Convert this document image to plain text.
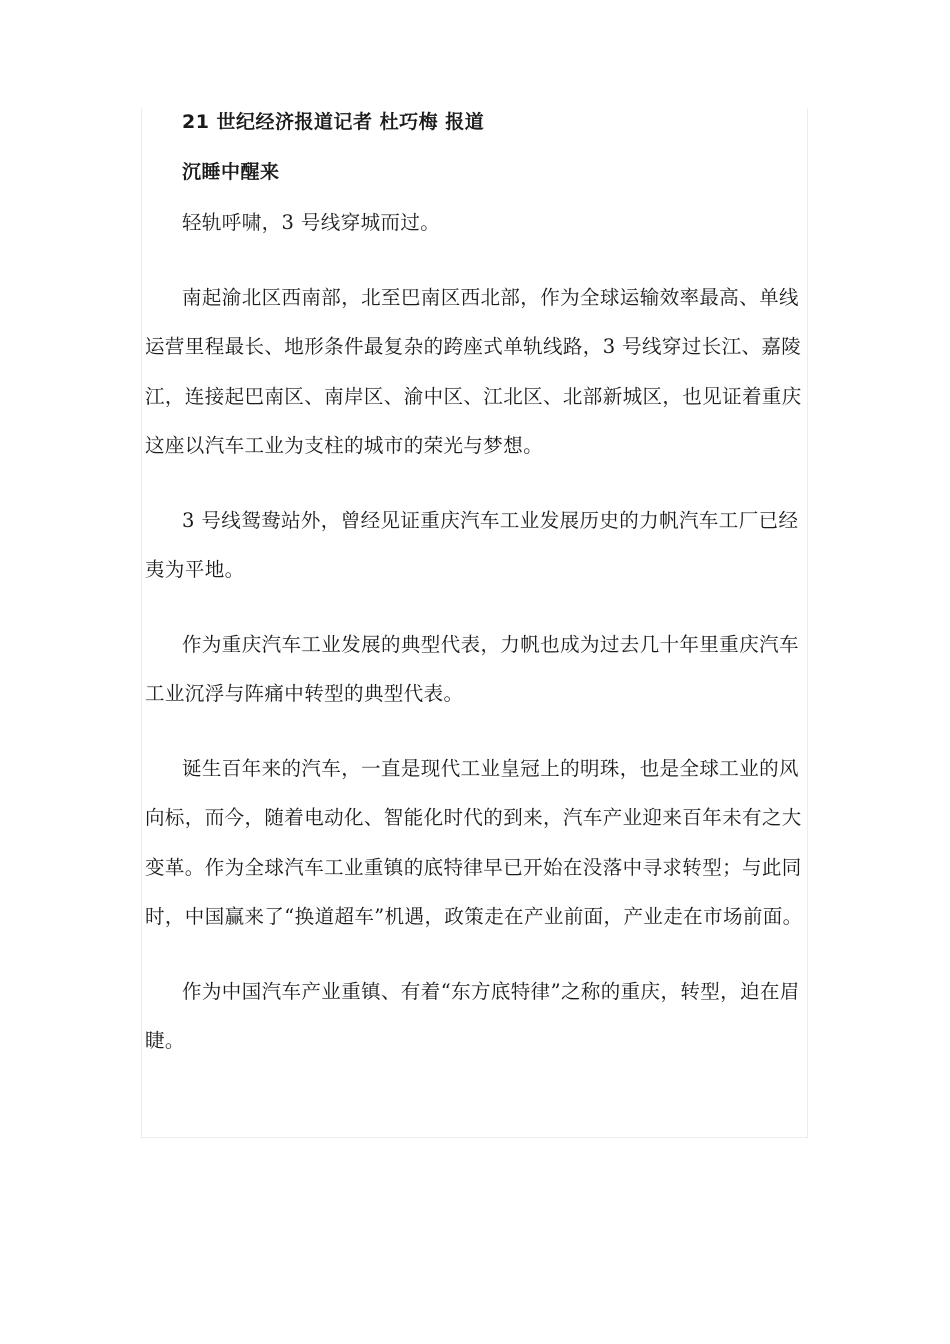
21 世纪经济报道记者 杜巧梅 报道

沉睡中醒来

轻轨呼啸，3 号线穿城而过。

南起渝北区西南部，北至巴南区西北部，作为全球运输效率最高、单线运营里程最长、地形条件最复杂的跨座式单轨线路，3 号线穿过长江、嘉陵江，连接起巴南区、南岸区、渝中区、江北区、北部新城区，也见证着重庆这座以汽车工业为支柱的城市的荣光与梦想。

3 号线鸳鸯站外，曾经见证重庆汽车工业发展历史的力帆汽车工厂已经夷为平地。

作为重庆汽车工业发展的典型代表，力帆也成为过去几十年里重庆汽车工业沉浮与阵痛中转型的典型代表。

诞生百年来的汽车，一直是现代工业皇冠上的明珠，也是全球工业的风向标，而今，随着电动化、智能化时代的到来，汽车产业迎来百年未有之大变革。作为全球汽车工业重镇的底特律早已开始在没落中寻求转型；与此同时，中国赢来了“换道超车”机遇，政策走在产业前面，产业走在市场前面。

作为中国汽车产业重镇、有着“东方底特律”之称的重庆，转型，迫在眉睫。
